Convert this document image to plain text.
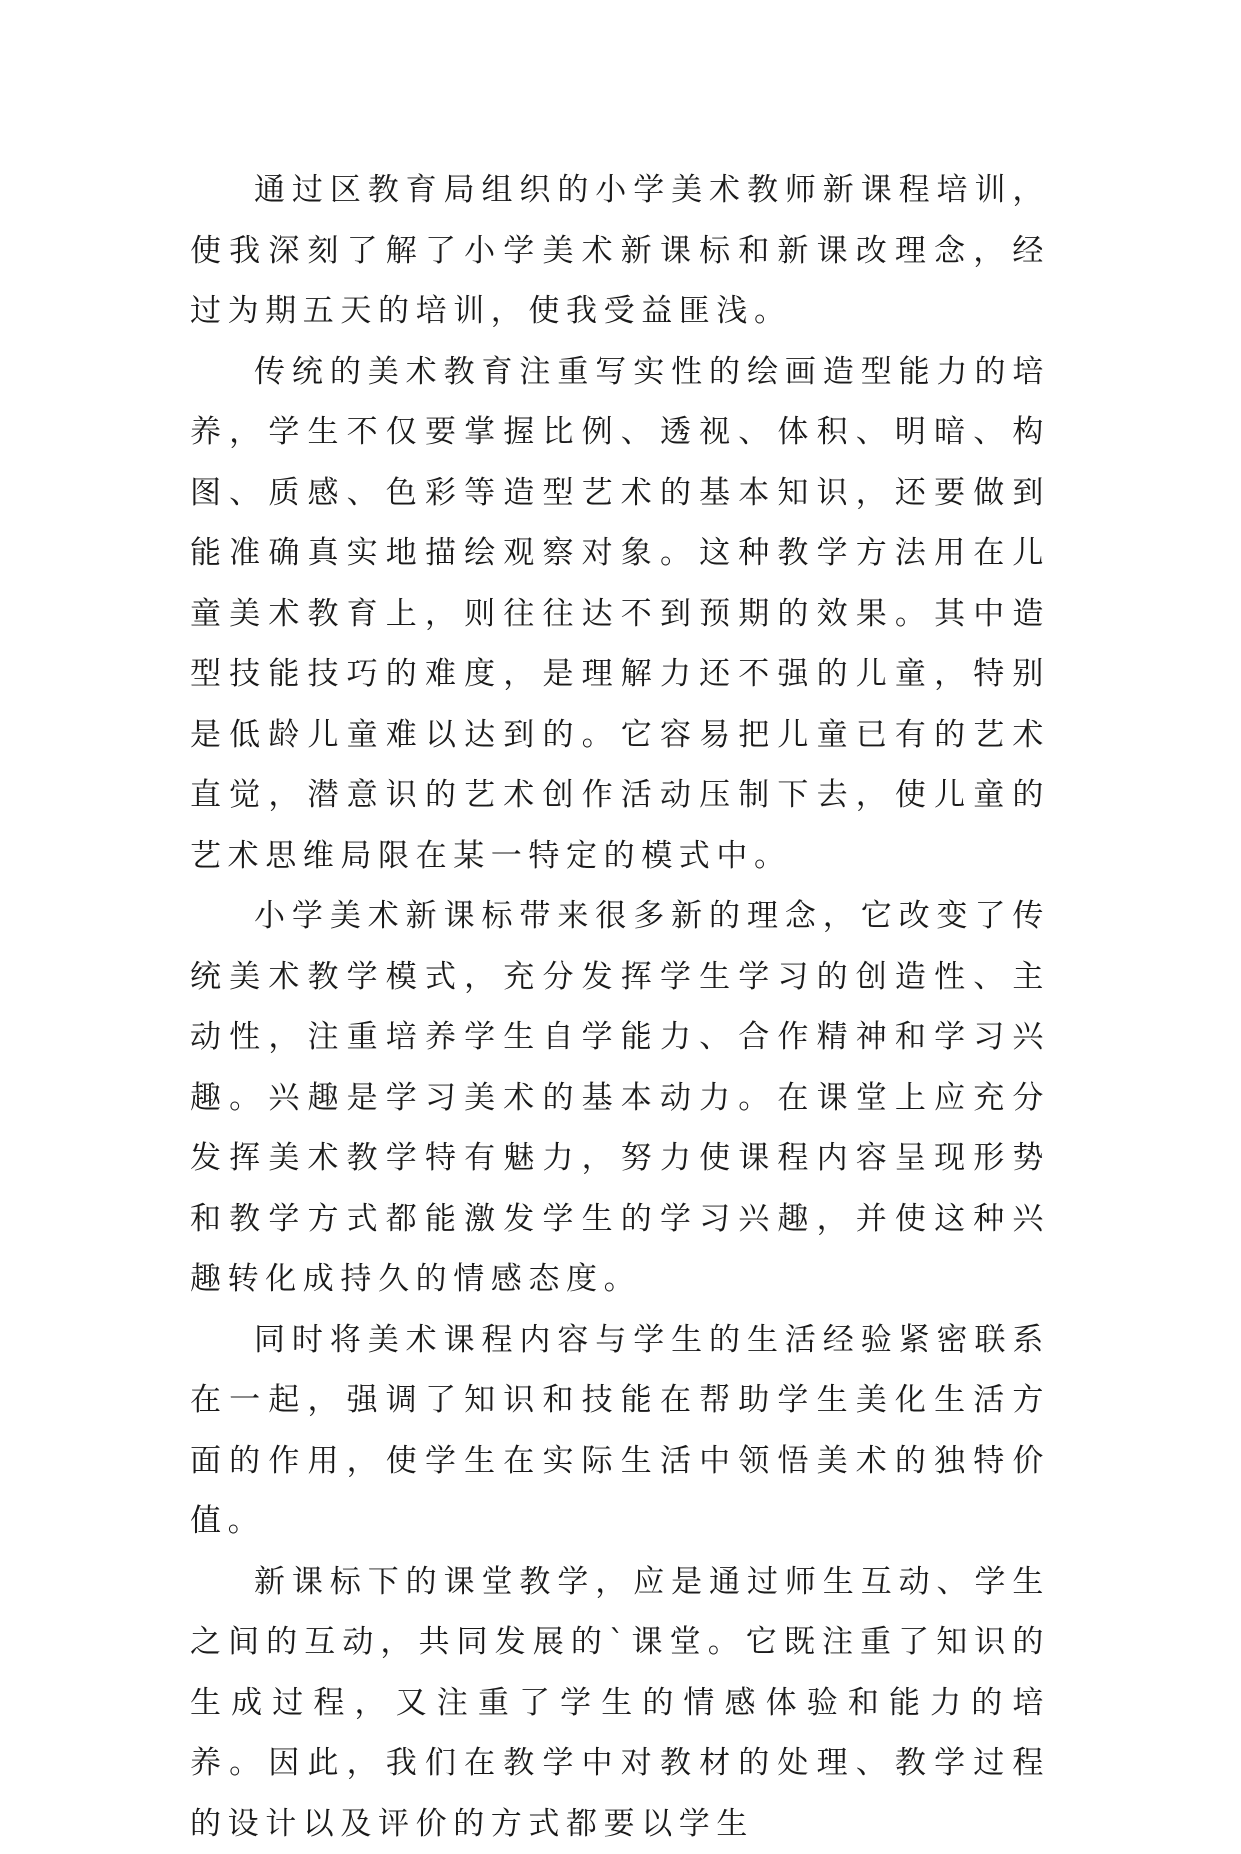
通过区教育局组织的小学美术教师新课程培训，使我深刻了解了小学美术新课标和新课改理念，经过为期五天的培训，使我受益匪浅。

传统的美术教育注重写实性的绘画造型能力的培养，学生不仅要掌握比例、透视、体积、明暗、构图、质感、色彩等造型艺术的基本知识，还要做到能准确真实地描绘观察对象。这种教学方法用在儿童美术教育上，则往往达不到预期的效果。其中造型技能技巧的难度，是理解力还不强的儿童，特别是低龄儿童难以达到的。它容易把儿童已有的艺术直觉，潜意识的艺术创作活动压制下去，使儿童的艺术思维局限在某一特定的模式中。

小学美术新课标带来很多新的理念，它改变了传统美术教学模式，充分发挥学生学习的创造性、主动性，注重培养学生自学能力、合作精神和学习兴趣。兴趣是学习美术的基本动力。在课堂上应充分发挥美术教学特有魅力，努力使课程内容呈现形势和教学方式都能激发学生的学习兴趣，并使这种兴趣转化成持久的情感态度。

同时将美术课程内容与学生的生活经验紧密联系在一起，强调了知识和技能在帮助学生美化生活方面的作用，使学生在实际生活中领悟美术的独特价值。

新课标下的课堂教学，应是通过师生互动、学生之间的互动，共同发展的`课堂。它既注重了知识的生成过程，又注重了学生的情感体验和能力的培养。因此，我们在教学中对教材的处理、教学过程的设计以及评价的方式都要以学生
